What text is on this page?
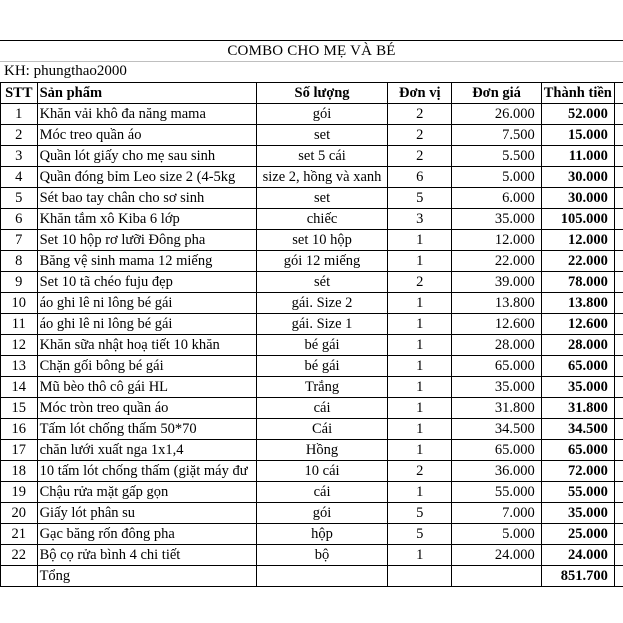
COMBO CHO MẸ VÀ BÉ
KH: phungthao2000
STT	Sản phẩm	Số lượng	Đơn vị	Đơn giá	Thành tiền	
1	Khăn vải khô đa năng mama	gói	2	26.000	52.000	
2	Móc treo quần áo	set	2	7.500	15.000	
3	Quần lót giấy cho mẹ sau sinh	set 5 cái	2	5.500	11.000	
4	Quần đóng bỉm Leo size 2 (4-5kg	size 2, hồng và xanh	6	5.000	30.000	
5	Sét bao tay chân cho sơ sinh	set	5	6.000	30.000	
6	Khăn tắm xô Kiba 6 lớp	chiếc	3	35.000	105.000	
7	Set 10 hộp rơ lưỡi Đông pha	set 10 hộp	1	12.000	12.000	
8	Băng vệ sinh mama 12 miếng	gói 12 miếng	1	22.000	22.000	
9	Set 10 tã chéo fuju đẹp	sét	2	39.000	78.000	
10	áo ghi lê ni lông bé gái	gái. Size 2	1	13.800	13.800	
11	áo ghi lê ni lông bé gái	gái. Size 1	1	12.600	12.600	
12	Khăn sữa nhật hoạ tiết 10 khăn	bé gái	1	28.000	28.000	
13	Chặn gối bông bé gái	bé gái	1	65.000	65.000	
14	Mũ bèo thô cô gái HL	Trắng	1	35.000	35.000	
15	Móc tròn treo quần áo	cái	1	31.800	31.800	
16	Tấm lót chống thấm 50*70	Cái	1	34.500	34.500	
17	chăn lưới xuất nga 1x1,4	Hồng	1	65.000	65.000	
18	10 tấm lót chống thấm (giặt máy đư	10 cái	2	36.000	72.000	
19	Chậu rửa mặt gấp gọn	cái	1	55.000	55.000	
20	Giấy lót phân su	gói	5	7.000	35.000	
21	Gạc băng rốn đông pha	hộp	5	5.000	25.000	
22	Bộ cọ rửa bình 4 chi tiết	bộ	1	24.000	24.000	
	Tổng				851.700	
